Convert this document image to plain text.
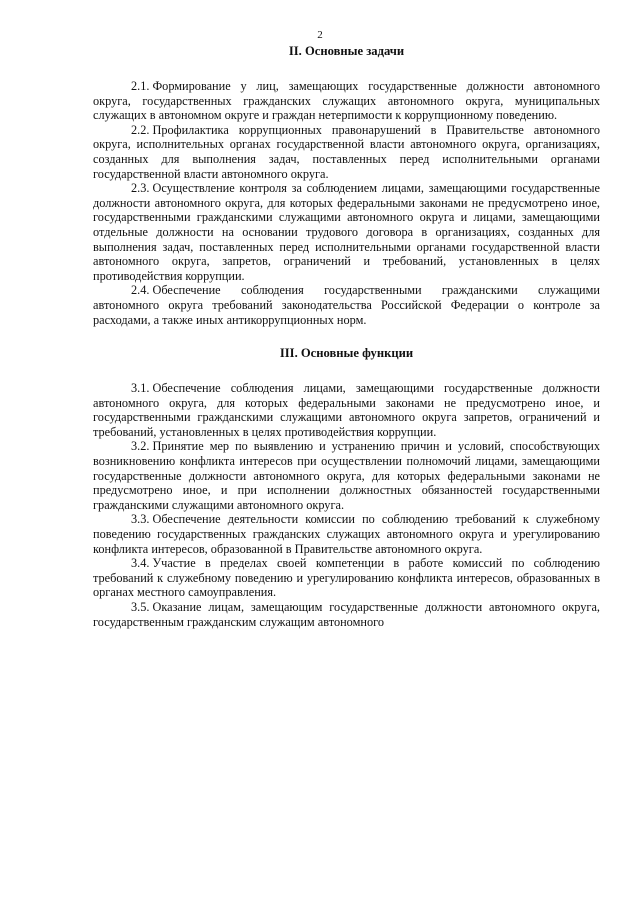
2
II. Основные задачи

2.1. Формирование у лиц, замещающих государственные должности автономного округа, государственных гражданских служащих автономного округа, муниципальных служащих в автономном округе и граждан нетерпимости к коррупционному поведению.

2.2. Профилактика коррупционных правонарушений в Правительстве автономного округа, исполнительных органах государственной власти автономного округа, организациях, созданных для выполнения задач, поставленных перед исполнительными органами государственной власти автономного округа.

2.3. Осуществление контроля за соблюдением лицами, замещающими государственные должности автономного округа, для которых федеральными законами не предусмотрено иное, государственными гражданскими служащими автономного округа и лицами, замещающими отдельные должности на основании трудового договора в организациях, созданных для выполнения задач, поставленных перед исполнительными органами государственной власти автономного округа, запретов, ограничений и требований, установленных в целях противодействия коррупции.

2.4. Обеспечение соблюдения государственными гражданскими служащими автономного округа требований законодательства Российской Федерации о контроле за расходами, а также иных антикоррупционных норм.

III. Основные функции

3.1. Обеспечение соблюдения лицами, замещающими государственные должности автономного округа, для которых федеральными законами не предусмотрено иное, и государственными гражданскими служащими автономного округа запретов, ограничений и требований, установленных в целях противодействия коррупции.

3.2. Принятие мер по выявлению и устранению причин и условий, способствующих возникновению конфликта интересов при осуществлении полномочий лицами, замещающими государственные должности автономного округа, для которых федеральными законами не предусмотрено иное, и при исполнении должностных обязанностей государственными гражданскими служащими автономного округа.

3.3. Обеспечение деятельности комиссии по соблюдению требований к служебному поведению государственных гражданских служащих автономного округа и урегулированию конфликта интересов, образованной в Правительстве автономного округа.

3.4. Участие в пределах своей компетенции в работе комиссий по соблюдению требований к служебному поведению и урегулированию конфликта интересов, образованных в органах местного самоуправления.

3.5. Оказание лицам, замещающим государственные должности автономного округа, государственным гражданским служащим автономного
